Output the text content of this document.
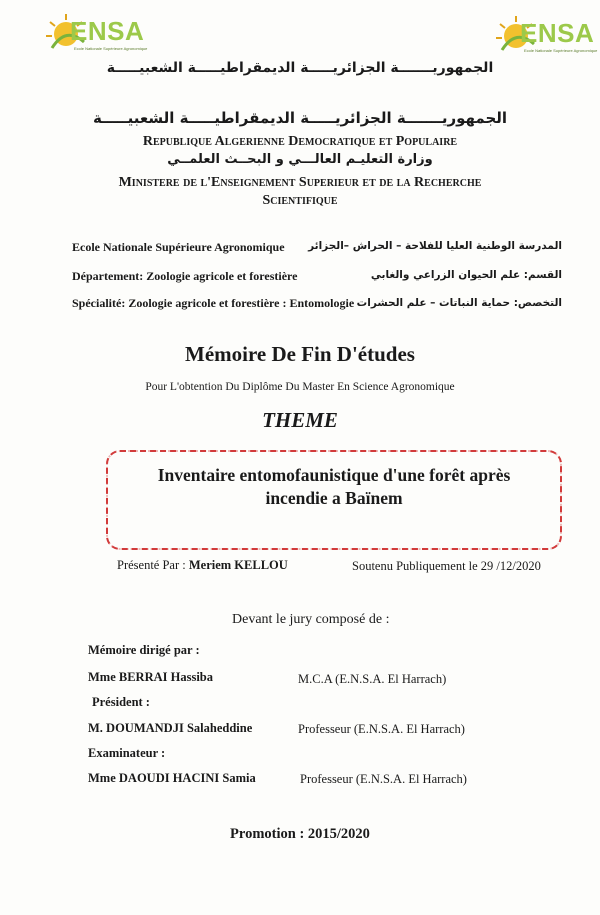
ENSA
Ecole Nationale Supérieure Agronomique
ENSA
Ecole Nationale Supérieure Agronomique
الجمهوريـــــــة الجزائريـــــة الديمقراطيـــــة الشعبيـــــة
الجمهوريـــــــة الجزائريـــــة الديمقراطيـــــة الشعبيـــــة
Republique Algerienne Democratique et Populaire
وزارة التعليـم العالـــي و البحــث العلمــي
Ministere de l'Enseignement Superieur et de la Recherche
Scientifique
Ecole Nationale Supérieure Agronomique المدرسة الوطنية العليا للفلاحة – الحراش –الجزائر
Département: Zoologie agricole et forestière	القسم: علم الحيوان الزراعي والغابي
Spécialité: Zoologie agricole et forestière : Entomologie التخصص: حماية النباتات – علم الحشرات
Mémoire De Fin D'études
Pour L'obtention Du Diplôme Du Master En Science Agronomique
THEME
Inventaire entomofaunistique d'une forêt après
incendie a Baïnem
Présenté Par : Meriem KELLOU	Soutenu Publiquement le 29 /12/2020
Devant le jury composé de :
Mémoire dirigé par :
Mme BERRAI Hassiba	M.C.A (E.N.S.A. El Harrach)
Président :
M. DOUMANDJI Salaheddine	Professeur (E.N.S.A. El Harrach)
Examinateur :
Mme DAOUDI HACINI Samia	Professeur (E.N.S.A. El Harrach)
Promotion : 2015/2020
